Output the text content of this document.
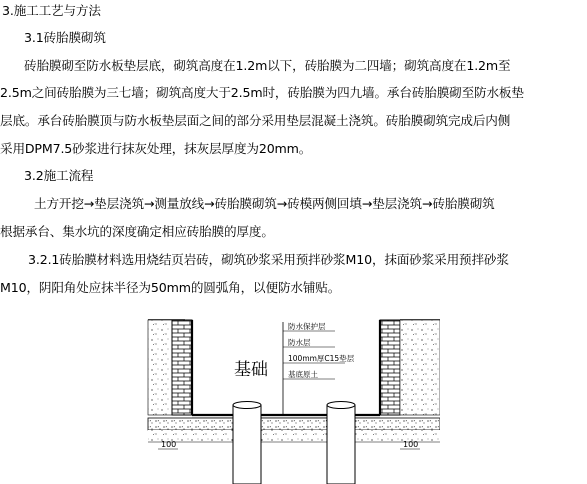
3.施工工艺与方法
3.1砖胎膜砌筑
砖胎膜砌至防水板垫层底，砌筑高度在1.2m以下，砖胎膜为二四墙；砌筑高度在1.2m至
2.5m之间砖胎膜为三七墙；砌筑高度大于2.5m时，砖胎膜为四九墙。承台砖胎膜砌至防水板垫
层底。承台砖胎膜顶与防水板垫层面之间的部分采用垫层混凝土浇筑。砖胎膜砌筑完成后内侧
采用DPM7.5砂浆进行抹灰处理，抹灰层厚度为20mm。
3.2施工流程
土方开挖→垫层浇筑→测量放线→砖胎膜砌筑→砖模两侧回填→垫层浇筑→砖胎膜砌筑
根据承台、集水坑的深度确定相应砖胎膜的厚度。
3.2.1砖胎膜材料选用烧结页岩砖，砌筑砂浆采用预拌砂浆M10，抹面砂浆采用预拌砂浆
M10，阴阳角处应抹半径为50mm的圆弧角，以便防水铺贴。
防水保护层
防水层
100mm厚C15垫层
基底原土
基础
100	100
